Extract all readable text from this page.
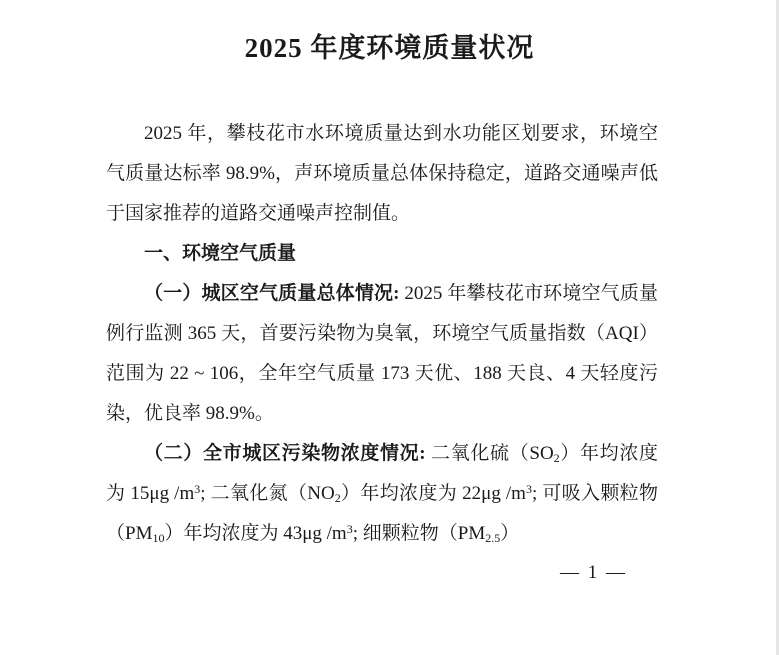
2025 年度环境质量状况

2025 年，攀枝花市水环境质量达到水功能区划要求，环境空气质量达标率 98.9%，声环境质量总体保持稳定，道路交通噪声低于国家推荐的道路交通噪声控制值。

一、环境空气质量

（一）城区空气质量总体情况: 2025 年攀枝花市环境空气质量例行监测 365 天，首要污染物为臭氧，环境空气质量指数（AQI）范围为 22 ~ 106，全年空气质量 173 天优、188 天良、4 天轻度污染，优良率 98.9%。

（二）全市城区污染物浓度情况: 二氧化硫$(SO_2)$年均浓度为 15μg $/m^3$; 二氧化氮$(NO_2)$年均浓度为 22μg $/m^3$; 可吸入颗粒物$(PM_{10})$年均浓度为 43μg $/m^3$; 细颗粒物$(PM_{2.5})$

— 1 —
